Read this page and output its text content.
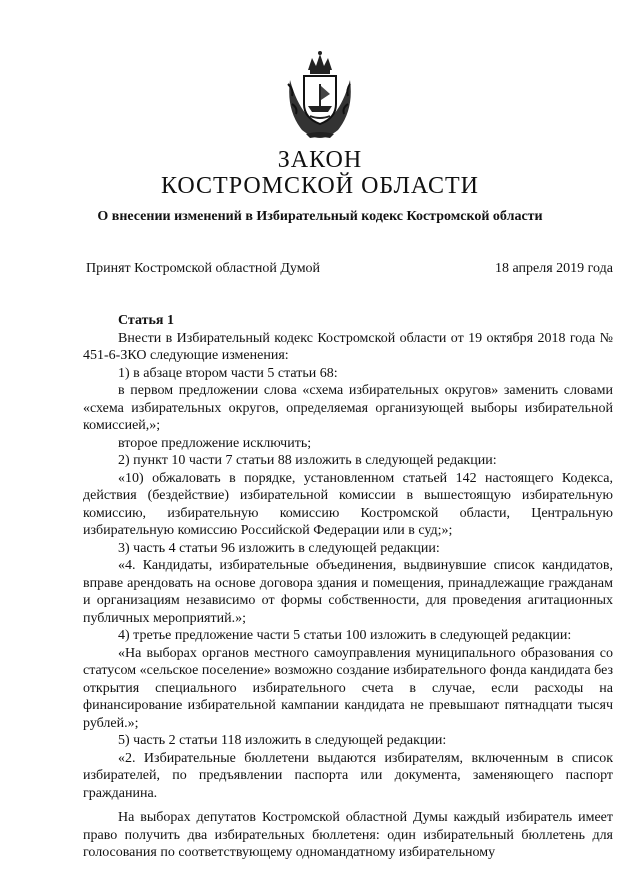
ЗАКОН
КОСТРОМСКОЙ ОБЛАСТИ
О внесении изменений в Избирательный кодекс Костромской области
Принят Костромской областной Думой	18 апреля 2019 года

Статья 1

Внести в Избирательный кодекс Костромской области от 19 октября 2018 года № 451-6-ЗКО следующие изменения:

1) в абзаце втором части 5 статьи 68:

в первом предложении слова «схема избирательных округов» заменить словами «схема избирательных округов, определяемая организующей выборы избирательной комиссией,»;

второе предложение исключить;

2) пункт 10 части 7 статьи 88 изложить в следующей редакции:

«10) обжаловать в порядке, установленном статьей 142 настоящего Кодекса, действия (бездействие) избирательной комиссии в вышестоящую избирательную комиссию, избирательную комиссию Костромской области, Центральную избирательную комиссию Российской Федерации или в суд;»;

3) часть 4 статьи 96 изложить в следующей редакции:

«4. Кандидаты, избирательные объединения, выдвинувшие список кандидатов, вправе арендовать на основе договора здания и помещения, принадлежащие гражданам и организациям независимо от формы собственности, для проведения агитационных публичных мероприятий.»;

4) третье предложение части 5 статьи 100 изложить в следующей редакции:

«На выборах органов местного самоуправления муниципального образования со статусом «сельское поселение» возможно создание избирательного фонда кандидата без открытия специального избирательного счета в случае, если расходы на финансирование избирательной кампании кандидата не превышают пятнадцати тысяч рублей.»;

5) часть 2 статьи 118 изложить в следующей редакции:

«2. Избирательные бюллетени выдаются избирателям, включенным в список избирателей, по предъявлении паспорта или документа, заменяющего паспорт гражданина.

На выборах депутатов Костромской областной Думы каждый избиратель имеет право получить два избирательных бюллетеня: один избирательный бюллетень для голосования по соответствующему одномандатному избирательному
